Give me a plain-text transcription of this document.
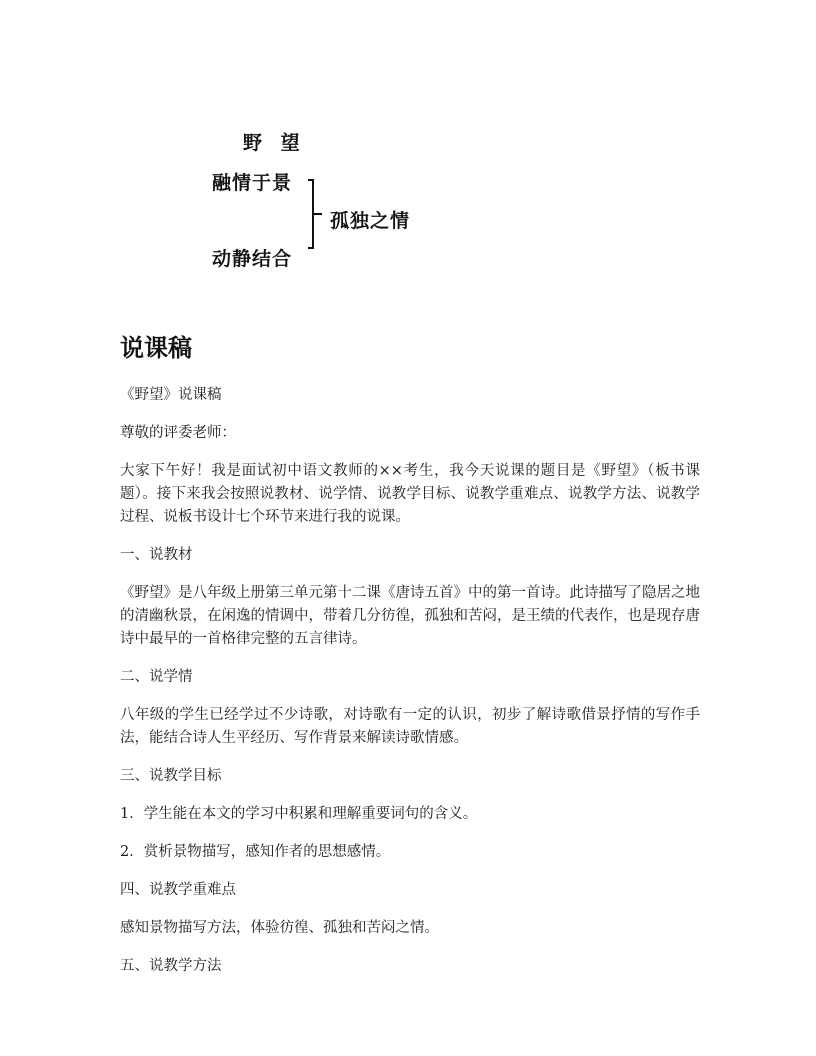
野 望
融情于景
动静结合
孤独之情
说课稿

《野望》说课稿

尊敬的评委老师：

大家下午好！我是面试初中语文教师的××考生，我今天说课的题目是《野望》（板书课题）。接下来我会按照说教材、说学情、说教学目标、说教学重难点、说教学方法、说教学过程、说板书设计七个环节来进行我的说课。

一、说教材

《野望》是八年级上册第三单元第十二课《唐诗五首》中的第一首诗。此诗描写了隐居之地的清幽秋景，在闲逸的情调中，带着几分彷徨，孤独和苦闷，是王绩的代表作，也是现存唐诗中最早的一首格律完整的五言律诗。

二、说学情

八年级的学生已经学过不少诗歌，对诗歌有一定的认识，初步了解诗歌借景抒情的写作手法，能结合诗人生平经历、写作背景来解读诗歌情感。

三、说教学目标

1．学生能在本文的学习中积累和理解重要词句的含义。

2．赏析景物描写，感知作者的思想感情。

四、说教学重难点

感知景物描写方法，体验彷徨、孤独和苦闷之情。

五、说教学方法
